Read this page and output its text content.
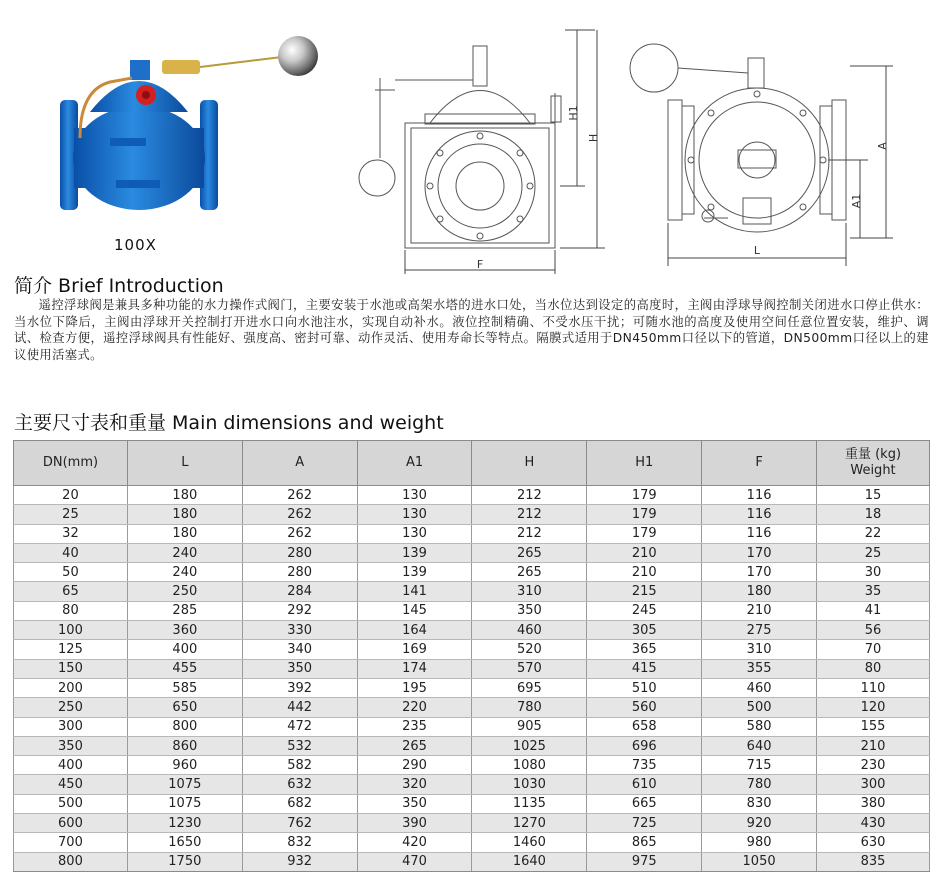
100X
H1
H
F
A
A1
L
简介 Brief Introduction
遥控浮球阀是兼具多种功能的水力操作式阀门，主要安装于水池或高架水塔的进水口处，当水位达到设定的高度时，主阀由浮球导阀控制关闭进水口停止供水：当水位下降后，主阀由浮球开关控制打开进水口向水池注水，实现自动补水。液位控制精确、不受水压干扰；可随水池的高度及使用空间任意位置安装，维护、调试、检查方便，遥控浮球阀具有性能好、强度高、密封可靠、动作灵活、使用寿命长等特点。隔膜式适用于DN450mm口径以下的管道，DN500mm口径以上的建议使用活塞式。
主要尺寸表和重量 Main dimensions and weight
DN(mm)	L	A	A1	H	H1	F	重量 (kg)
Weight

20	180	262	130	212	179	116	15
25	180	262	130	212	179	116	18
32	180	262	130	212	179	116	22
40	240	280	139	265	210	170	25
50	240	280	139	265	210	170	30
65	250	284	141	310	215	180	35
80	285	292	145	350	245	210	41
100	360	330	164	460	305	275	56
125	400	340	169	520	365	310	70
150	455	350	174	570	415	355	80
200	585	392	195	695	510	460	110
250	650	442	220	780	560	500	120
300	800	472	235	905	658	580	155
350	860	532	265	1025	696	640	210
400	960	582	290	1080	735	715	230
450	1075	632	320	1030	610	780	300
500	1075	682	350	1135	665	830	380
600	1230	762	390	1270	725	920	430
700	1650	832	420	1460	865	980	630
800	1750	932	470	1640	975	1050	835
